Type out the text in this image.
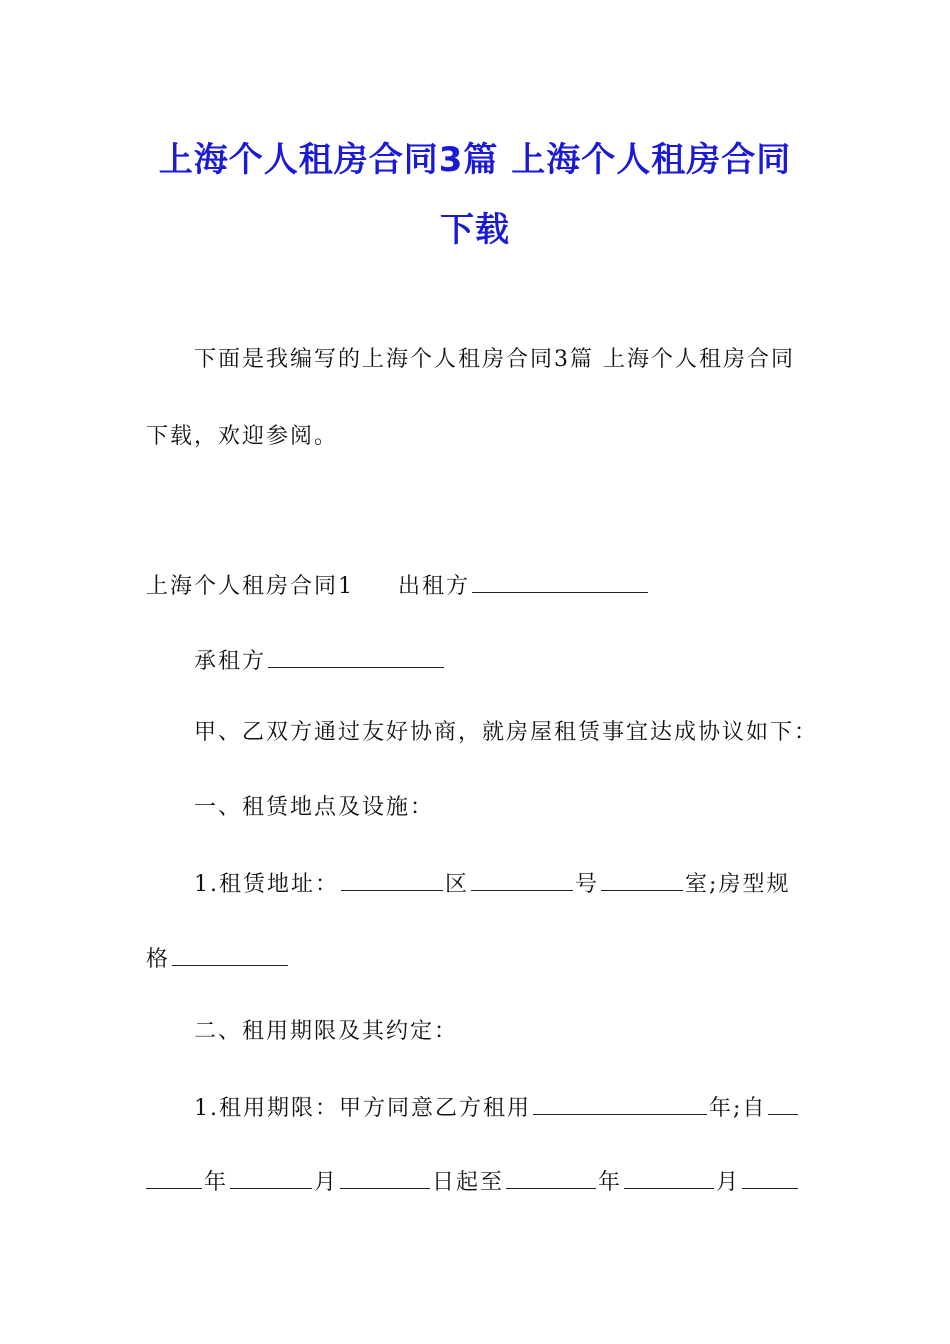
上海个人租房合同3篇 上海个人租房合同
下载
下面是我编写的上海个人租房合同3篇 上海个人租房合同
下载，欢迎参阅。
上海个人租房合同1 出租方
承租方
甲、乙双方通过友好协商，就房屋租赁事宜达成协议如下：
一、租赁地点及设施：
1.租赁地址：	区	号	室;房型规
格
二、租用期限及其约定：
1.租用期限：甲方同意乙方租用	年;自
年	月	日起至	年	月
